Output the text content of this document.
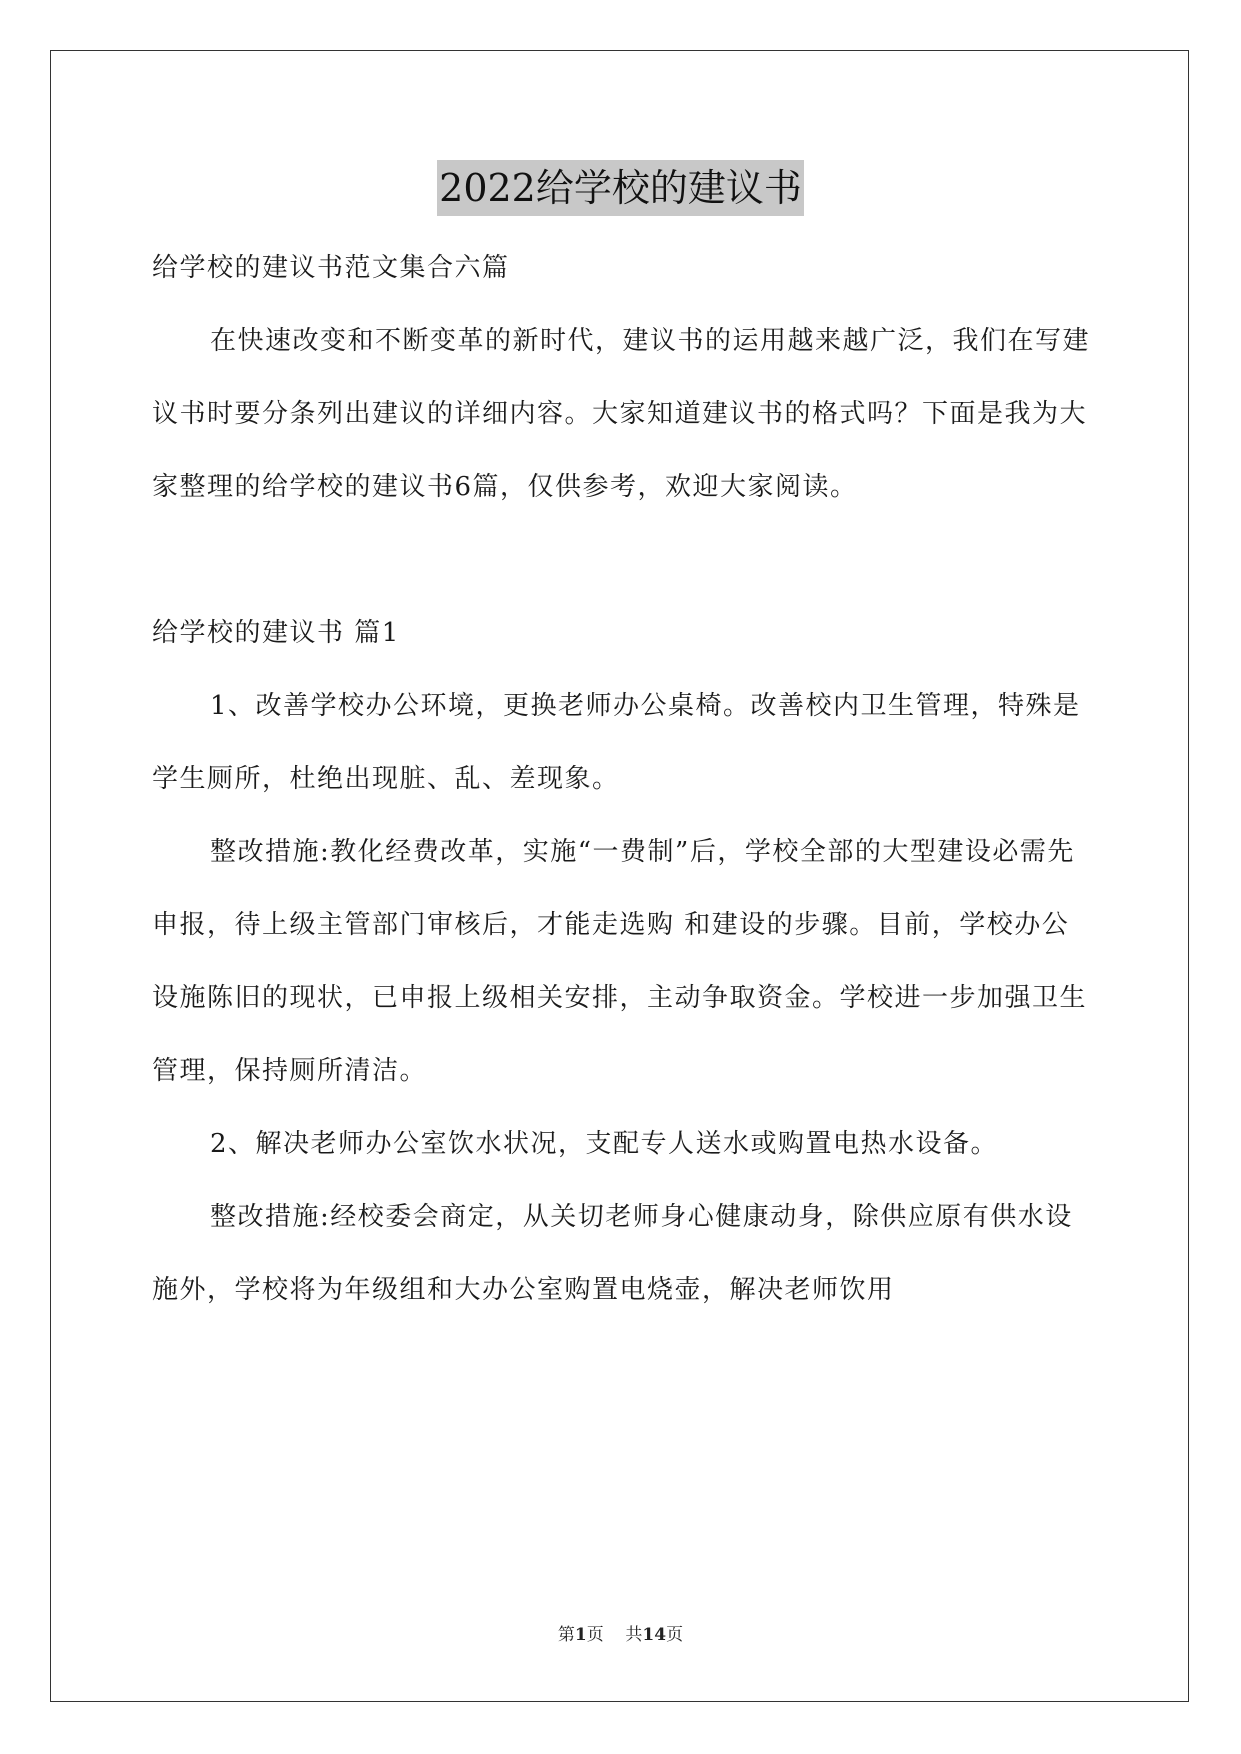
2022给学校的建议书

给学校的建议书范文集合六篇

在快速改变和不断变革的新时代，建议书的运用越来越广泛，我们在写建议书时要分条列出建议的详细内容。大家知道建议书的格式吗？下面是我为大家整理的给学校的建议书6篇，仅供参考，欢迎大家阅读。

给学校的建议书 篇1

1、改善学校办公环境，更换老师办公桌椅。改善校内卫生管理，特殊是学生厕所，杜绝出现脏、乱、差现象。

整改措施:教化经费改革，实施“一费制”后，学校全部的大型建设必需先申报，待上级主管部门审核后，才能走选购 和建设的步骤。目前，学校办公设施陈旧的现状，已申报上级相关安排，主动争取资金。学校进一步加强卫生管理，保持厕所清洁。

2、解决老师办公室饮水状况，支配专人送水或购置电热水设备。

整改措施:经校委会商定，从关切老师身心健康动身，除供应原有供水设施外，学校将为年级组和大办公室购置电烧壶，解决老师饮用

第1页 共14页
